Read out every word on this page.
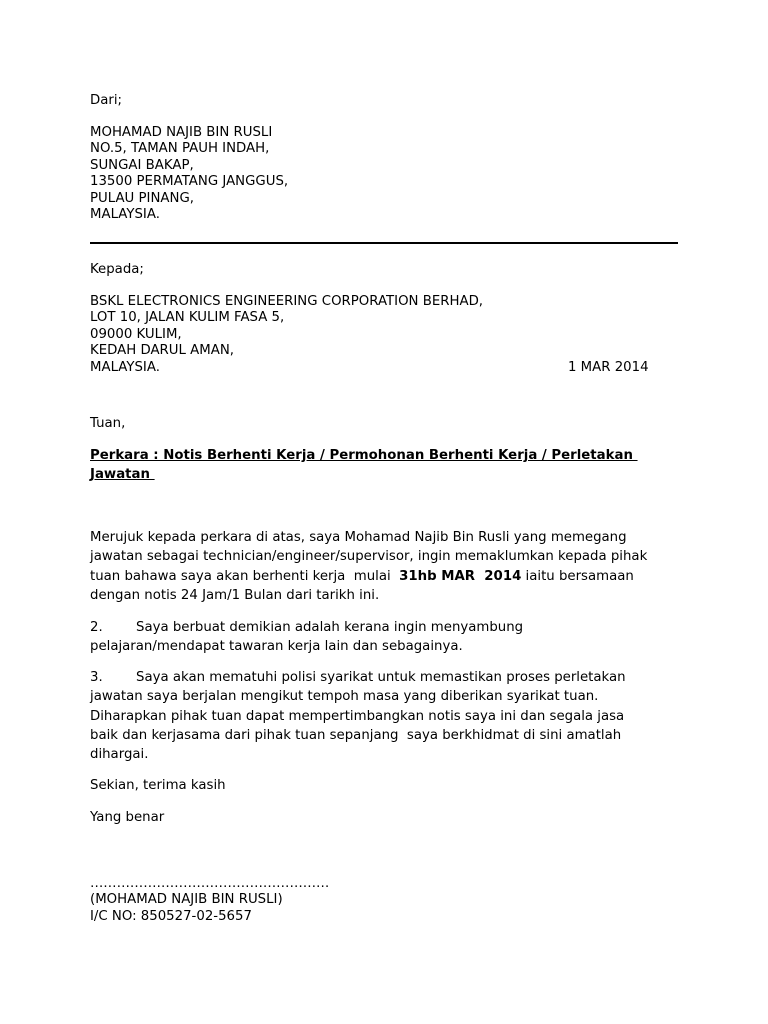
Dari;

MOHAMAD NAJIB BIN RUSLI
NO.5, TAMAN PAUH INDAH,
SUNGAI BAKAP,
13500 PERMATANG JANGGUS,
PULAU PINANG,
MALAYSIA.

Kepada;

BSKL ELECTRONICS ENGINEERING CORPORATION BERHAD,
LOT 10, JALAN KULIM FASA 5,
09000 KULIM,
KEDAH DARUL AMAN,
MALAYSIA.	1 MAR 2014

Tuan,

Perkara : Notis Berhenti Kerja / Permohonan Berhenti Kerja / Perletakan
Jawatan
Merujuk kepada perkara di atas, saya Mohamad Najib Bin Rusli yang memegang
jawatan sebagai technician/engineer/supervisor, ingin memaklumkan kepada pihak
tuan bahawa saya akan berhenti kerja  mulai  31hb MAR  2014 iaitu bersamaan
dengan notis 24 Jam/1 Bulan dari tarikh ini.
2.	Saya berbuat demikian adalah kerana ingin menyambung
pelajaran/mendapat tawaran kerja lain dan sebagainya.
3.	Saya akan mematuhi polisi syarikat untuk memastikan proses perletakan
jawatan saya berjalan mengikut tempoh masa yang diberikan syarikat tuan.
Diharapkan pihak tuan dapat mempertimbangkan notis saya ini dan segala jasa
baik dan kerjasama dari pihak tuan sepanjang  saya berkhidmat di sini amatlah
dihargai.

Sekian, terima kasih

Yang benar

………………………………………………
(MOHAMAD NAJIB BIN RUSLI)
I/C NO: 850527-02-5657
